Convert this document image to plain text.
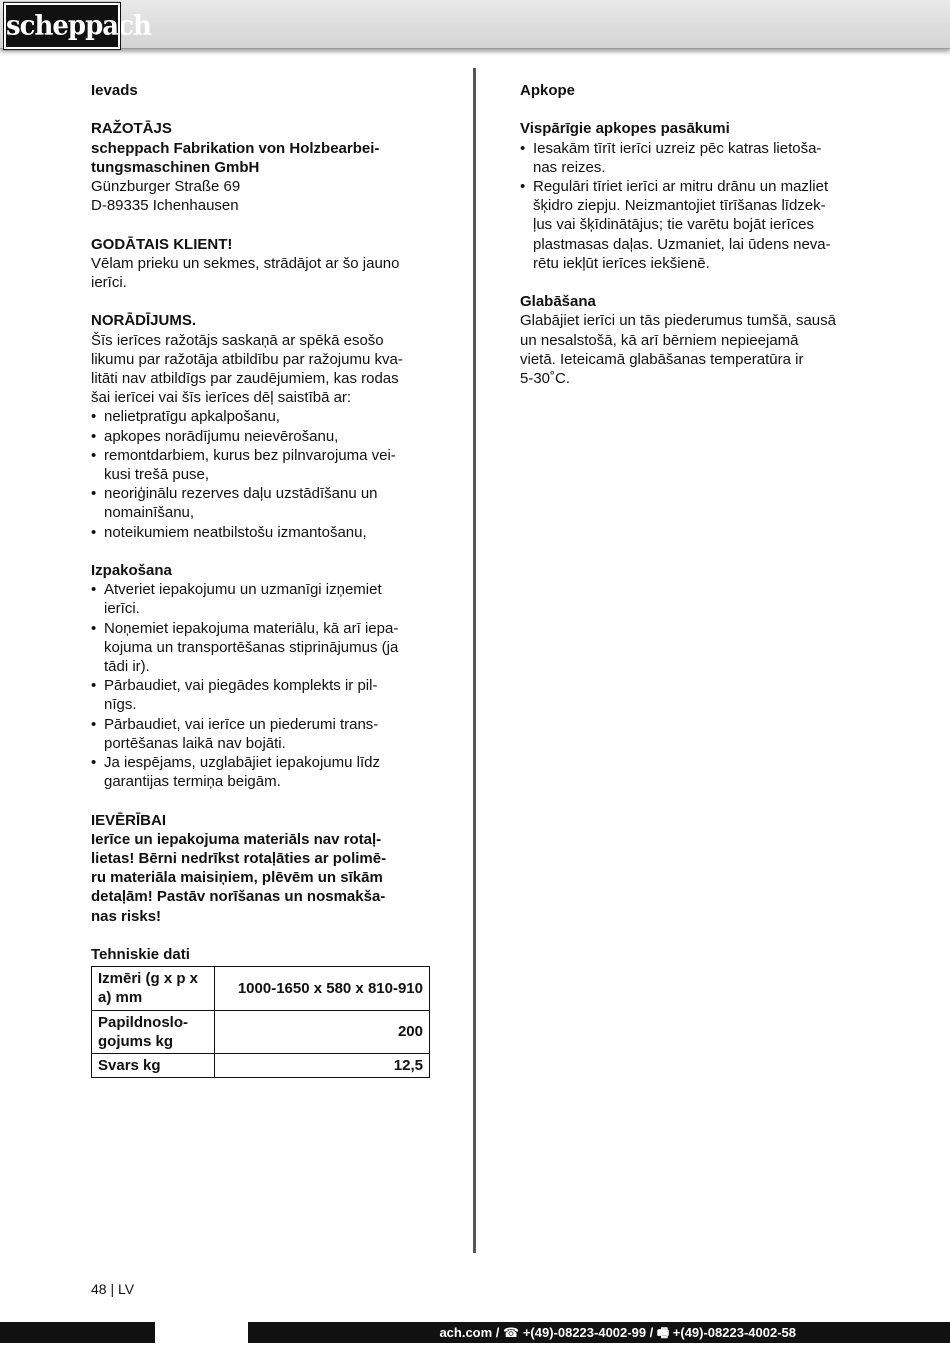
scheppach

Ievads

RAŽOTĀJS

scheppach Fabrikation von Holzbearbei-
tungsmaschinen GmbH
Günzburger Straße 69
D-89335 Ichenhausen

GODĀTAIS KLIENT!

Vēlam prieku un sekmes, strādājot ar šo jauno
ierīci.

NORĀDĪJUMS.

Šīs ierīces ražotājs saskaņā ar spēkā esošo
likumu par ražotāja atbildību par ražojumu kva-
litāti nav atbildīgs par zaudējumiem, kas rodas
šai ierīcei vai šīs ierīces dēļ saistībā ar:
• nelietpratīgu apkalpošanu,
• apkopes norādījumu neievērošanu,
• remontdarbiem, kurus bez pilnvarojuma vei-
kusi trešā puse,
• neoriģinālu rezerves daļu uzstādīšanu un
nomainīšanu,
• noteikumiem neatbilstošu izmantošanu,

Izpakošana

• Atveriet iepakojumu un uzmanīgi izņemiet
ierīci.
• Noņemiet iepakojuma materiālu, kā arī iepa-
kojuma un transportēšanas stiprinājumus (ja
tādi ir).
• Pārbaudiet, vai piegādes komplekts ir pil-
nīgs.
• Pārbaudiet, vai ierīce un piederumi trans-
portēšanas laikā nav bojāti.
• Ja iespējams, uzglabājiet iepakojumu līdz
garantijas termiņa beigām.

IEVĒRĪBAI

Ierīce un iepakojuma materiāls nav rotaļ-
lietas! Bērni nedrīkst rotaļāties ar polimē-
ru materiāla maisiņiem, plēvēm un sīkām
detaļām! Pastāv norīšanas un nosmakša-
nas risks!

Tehniskie dati

Izmēri (g x p x
a) mm	1000-1650 x 580 x 810-910

Papildnoslo-
gojums kg	200

Svars kg	12,5

Apkope

Vispārīgie apkopes pasākumi

• Iesakām tīrīt ierīci uzreiz pēc katras lietoša-
nas reizes.
• Regulāri tīriet ierīci ar mitru drānu un mazliet
šķidro ziepju. Neizmantojiet tīrīšanas līdzek-
ļus vai šķīdinātājus; tie varētu bojāt ierīces
plastmasas daļas. Uzmaniet, lai ūdens neva-
rētu iekļūt ierīces iekšienē.

Glabāšana

Glabājiet ierīci un tās piederumus tumšā, sausā
un nesalstošā, kā arī bērniem nepieejamā
vietā. Ieteicamā glabāšanas temperatūra ir
5-30˚C.
48 | LV
ach.com / ☎ +(49)-08223-4002-99 / 🖷 +(49)-08223-4002-58
